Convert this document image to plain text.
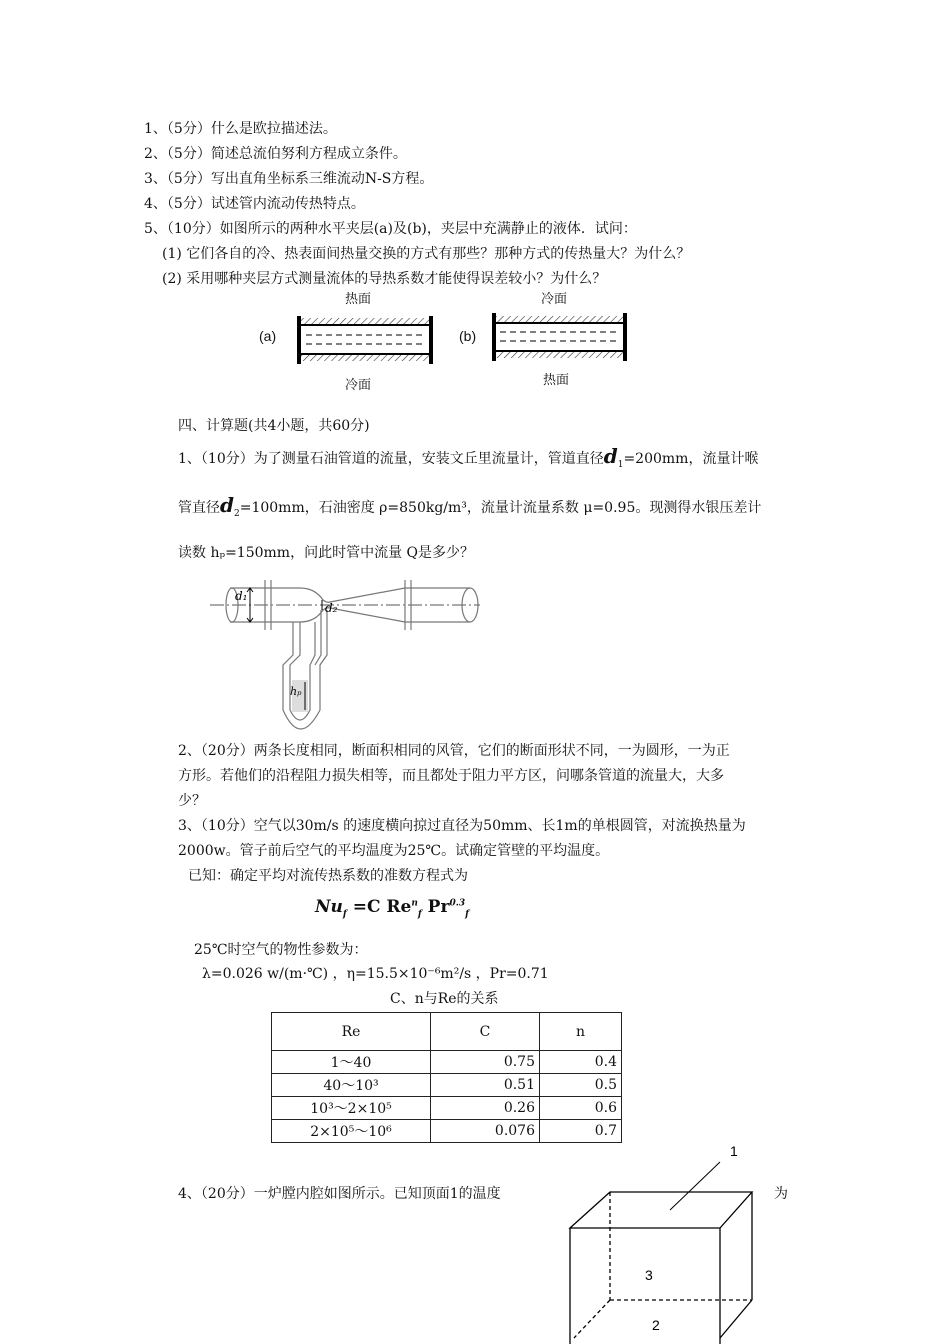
1、（5分）什么是欧拉描述法。
2、（5分）简述总流伯努利方程成立条件。
3、（5分）写出直角坐标系三维流动N-S方程。
4、（5分）试述管内流动传热特点。
5、（10分）如图所示的两种水平夹层(a)及(b)，夹层中充满静止的液体．试问：
(1) 它们各自的冷、热表面间热量交换的方式有那些？那种方式的传热量大？为什么？
(2) 采用哪种夹层方式测量流体的导热系数才能使得误差较小？为什么？
热面	冷面
(a)	(b)
冷面	热面
四、计算题(共4小题，共60分)
1、（10分）为了测量石油管道的流量，安装文丘里流量计，管道直径$d_1=200mm$，流量计喉
管直径$d_2=100mm$，石油密度 ρ=850kg/m³，流量计流量系数 μ=0.95。现测得水银压差计
读数 hₚ=150mm，问此时管中流量 Q是多少？
d₁
d₂
hₚ
2、（20分）两条长度相同，断面积相同的风管，它们的断面形状不同，一为圆形，一为正
方形。若他们的沿程阻力损失相等，而且都处于阻力平方区，问哪条管道的流量大，大多
少？
3、（10分）空气以30m/s 的速度横向掠过直径为50mm、长1m的单根圆管，对流换热量为
2000w。管子前后空气的平均温度为25℃。试确定管壁的平均温度。
已知：确定平均对流传热系数的准数方程式为
$Nu_f =C$ $Re^n_f$ $Pr^{0.3}_f$
25℃时空气的物性参数为：
λ=0.026 w/(m·℃) ，η=15.5×10⁻⁶m²/s ，Pr=0.71
C、n与Re的关系
Re	C	n
1～40	0.75	0.4
40～10³	0.51	0.5
10³～2×10⁵	0.26	0.6
2×10⁵～10⁶	0.076	0.7
4、（20分）一炉膛内腔如图所示。已知顶面1的温度	为
1
3
2
